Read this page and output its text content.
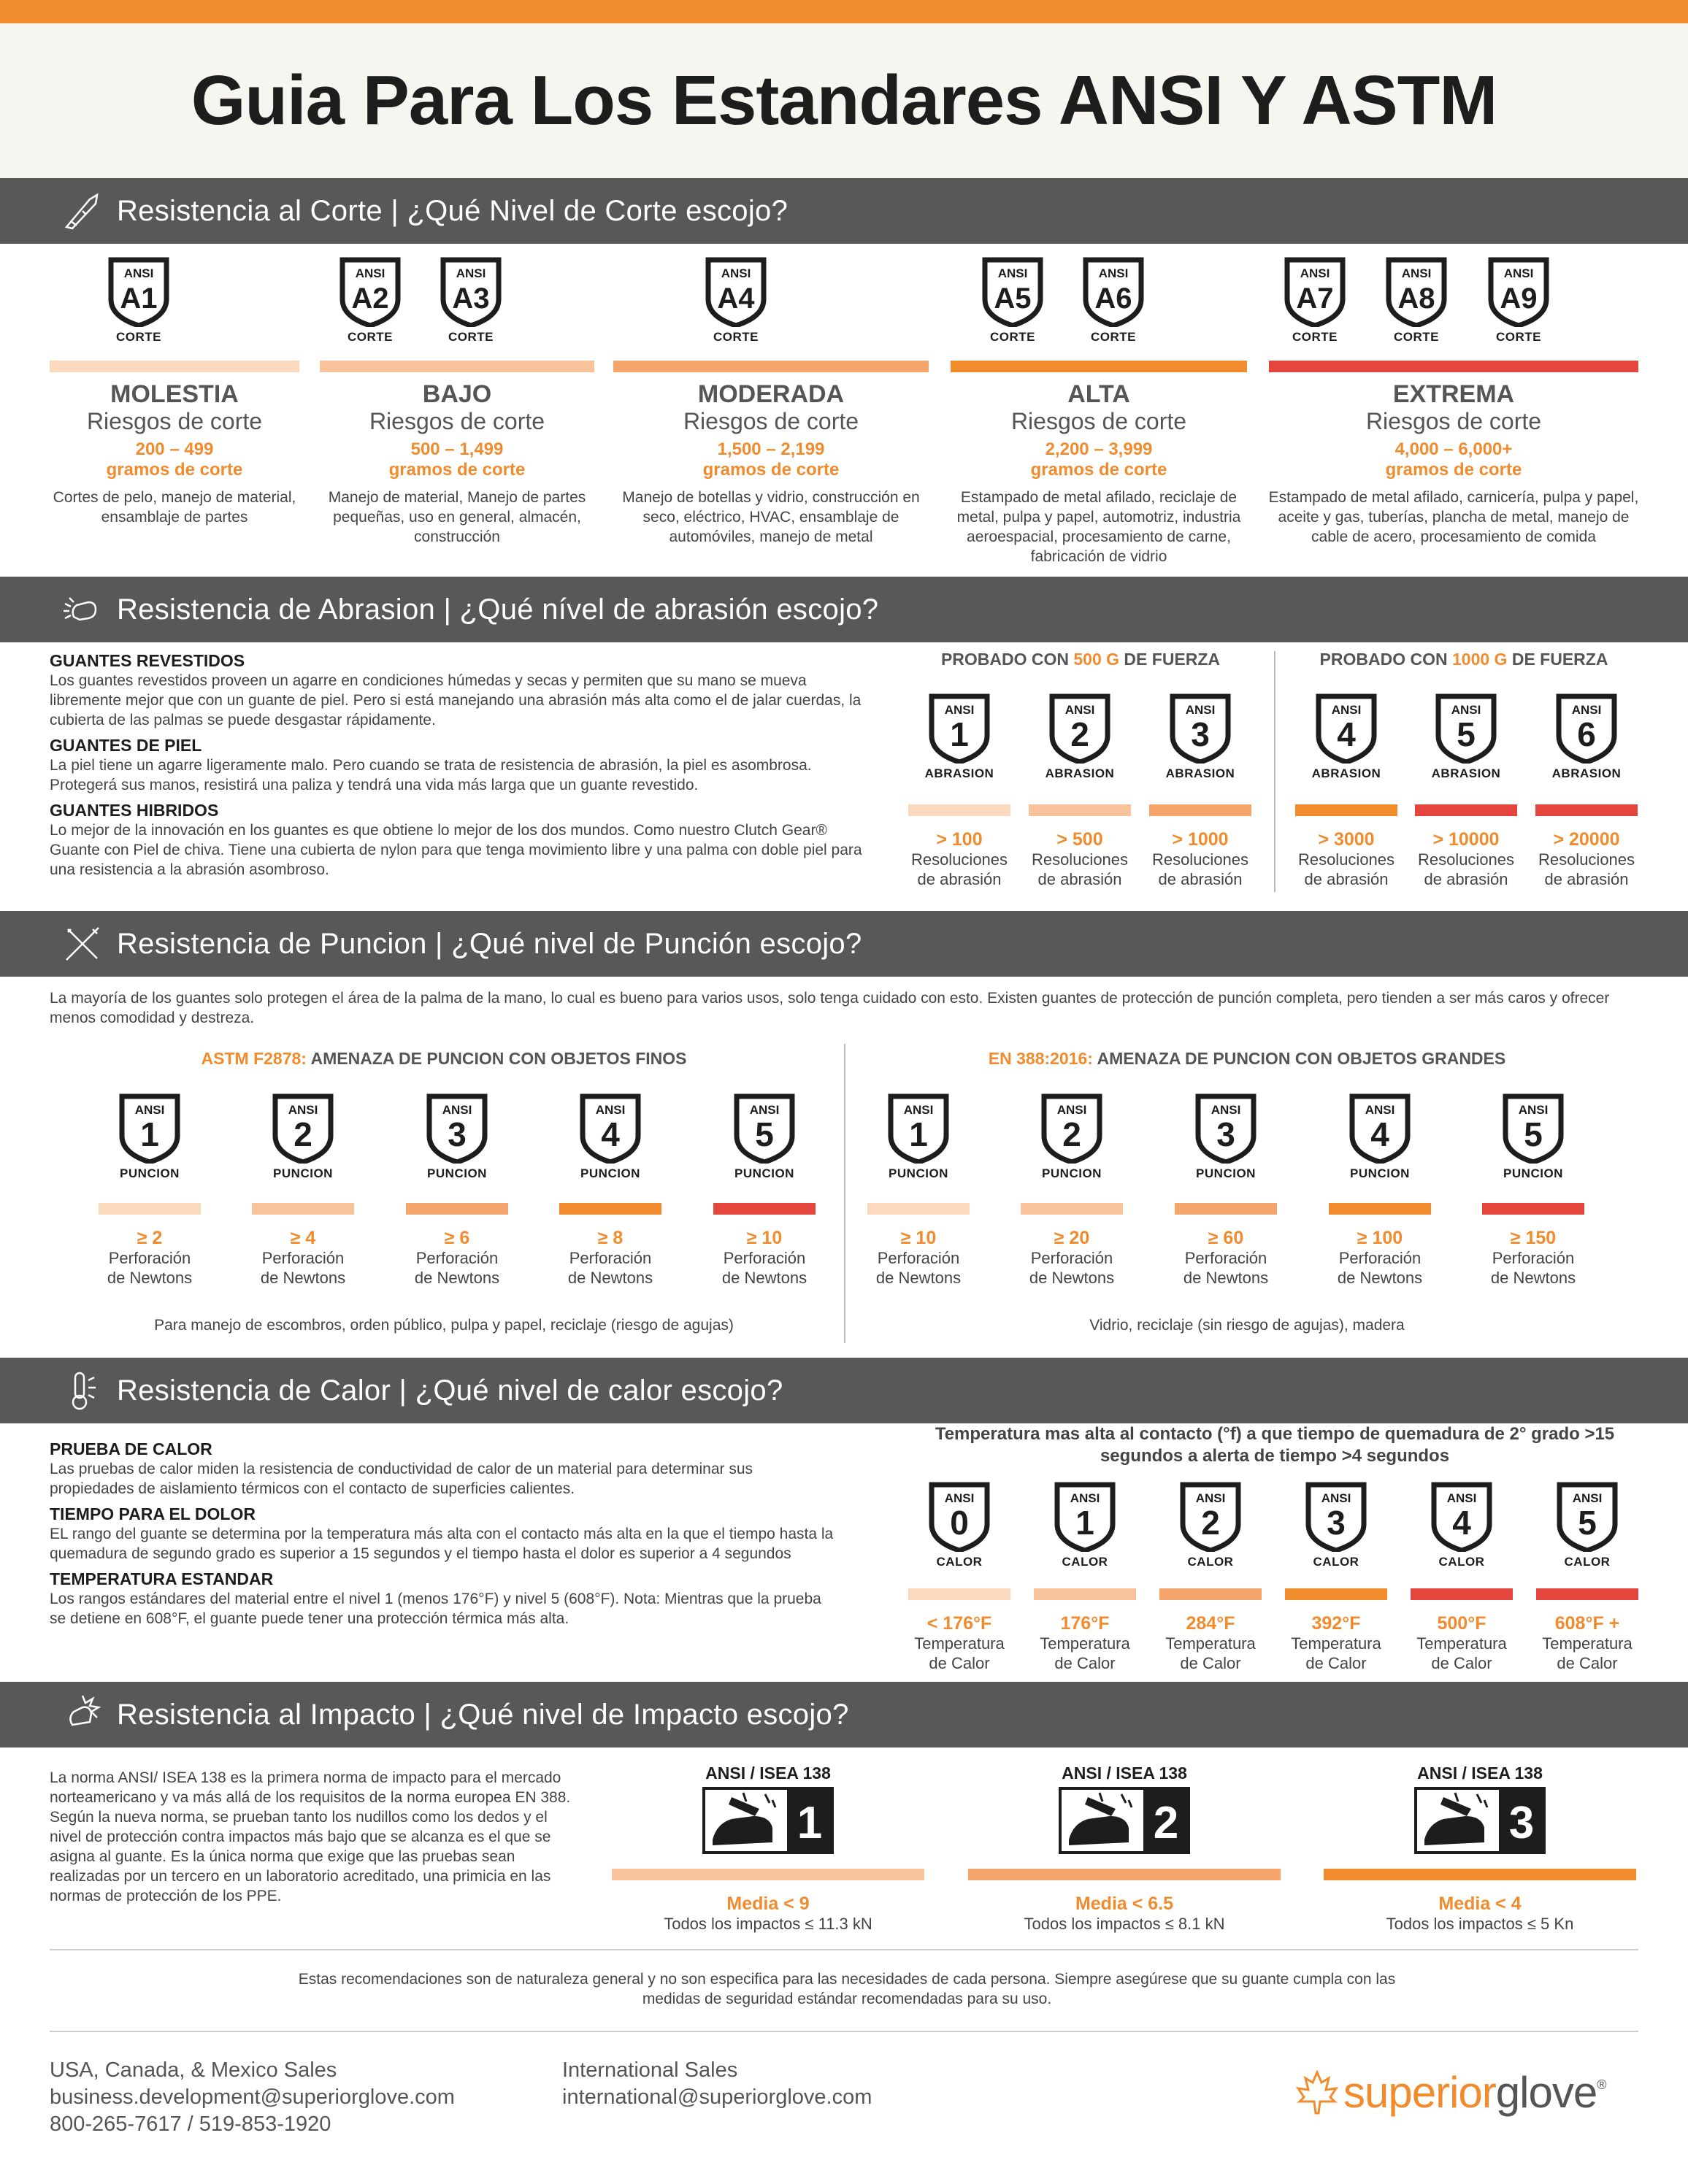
Guia Para Los Estandares ANSI Y ASTM
Resistencia al Corte | ¿Qué Nivel de Corte escojo?
ANSI
A1
CORTE
ANSI
A2
CORTE
ANSI
A3
CORTE
ANSI
A4
CORTE
ANSI
A5
CORTE
ANSI
A6
CORTE
ANSI
A7
CORTE
ANSI
A8
CORTE
ANSI
A9
CORTE
MOLESTIA
Riesgos de corte
200 – 499
gramos de corte
Cortes de pelo, manejo de material, ensamblaje de partes
BAJO
Riesgos de corte
500 – 1,499
gramos de corte
Manejo de material, Manejo de partes pequeñas, uso en general, almacén, construcción
MODERADA
Riesgos de corte
1,500 – 2,199
gramos de corte
Manejo de botellas y vidrio, construcción en seco, eléctrico, HVAC, ensamblaje de automóviles, manejo de metal
ALTA
Riesgos de corte
2,200 – 3,999
gramos de corte
Estampado de metal afilado, reciclaje de metal, pulpa y papel, automotriz, industria aeroespacial, procesamiento de carne, fabricación de vidrio
EXTREMA
Riesgos de corte
4,000 – 6,000+
gramos de corte
Estampado de metal afilado, carnicería, pulpa y papel, aceite y gas, tuberías, plancha de metal, manejo de cable de acero, procesamiento de comida
Resistencia de Abrasion | ¿Qué nível de abrasión escojo?
GUANTES REVESTIDOS
Los guantes revestidos proveen un agarre en condiciones húmedas y secas y permiten que su mano se mueva libremente mejor que con un guante de piel. Pero si está manejando una abrasión más alta como el de jalar cuerdas, la cubierta de las palmas se puede desgastar rápidamente.
GUANTES DE PIEL
La piel tiene un agarre ligeramente malo. Pero cuando se trata de resistencia de abrasión, la piel es asombrosa. Protegerá sus manos, resistirá una paliza y tendrá una vida más larga que un guante revestido.
GUANTES HIBRIDOS
Lo mejor de la innovación en los guantes es que obtiene lo mejor de los dos mundos. Como nuestro Clutch Gear® Guante con Piel de chiva. Tiene una cubierta de nylon para que tenga movimiento libre y una palma con doble piel para una resistencia a la abrasión asombroso.
PROBADO CON 500 G DE FUERZA	PROBADO CON 1000 G DE FUERZA
ANSI
1
ABRASION
> 100
Resoluciones
de abrasión
ANSI
2
ABRASION
> 500
Resoluciones
de abrasión
ANSI
3
ABRASION
> 1000
Resoluciones
de abrasión
ANSI
4
ABRASION
> 3000
Resoluciones
de abrasión
ANSI
5
ABRASION
> 10000
Resoluciones
de abrasión
ANSI
6
ABRASION
> 20000
Resoluciones
de abrasión
Resistencia de Puncion | ¿Qué nivel de Punción escojo?
La mayoría de los guantes solo protegen el área de la palma de la mano, lo cual es bueno para varios usos, solo tenga cuidado con esto. Existen guantes de protección de punción completa, pero tienden a ser más caros y ofrecer menos comodidad y destreza.
ASTM F2878: AMENAZA DE PUNCION CON OBJETOS FINOS	EN 388:2016: AMENAZA DE PUNCION CON OBJETOS GRANDES
ANSI
1
PUNCION
≥ 2
Perforación
de Newtons
ANSI
2
PUNCION
≥ 4
Perforación
de Newtons
ANSI
3
PUNCION
≥ 6
Perforación
de Newtons
ANSI
4
PUNCION
≥ 8
Perforación
de Newtons
ANSI
5
PUNCION
≥ 10
Perforación
de Newtons
ANSI
1
PUNCION
≥ 10
Perforación
de Newtons
ANSI
2
PUNCION
≥ 20
Perforación
de Newtons
ANSI
3
PUNCION
≥ 60
Perforación
de Newtons
ANSI
4
PUNCION
≥ 100
Perforación
de Newtons
ANSI
5
PUNCION
≥ 150
Perforación
de Newtons
Para manejo de escombros, orden público, pulpa y papel, reciclaje (riesgo de agujas)	Vidrio, reciclaje (sin riesgo de agujas), madera
Resistencia de Calor | ¿Qué nivel de calor escojo?
PRUEBA DE CALOR
Las pruebas de calor miden la resistencia de conductividad de calor de un material para determinar sus propiedades de aislamiento térmicos con el contacto de superficies calientes.
TIEMPO PARA EL DOLOR
EL rango del guante se determina por la temperatura más alta con el contacto más alta en la que el tiempo hasta la quemadura de segundo grado es superior a 15 segundos y el tiempo hasta el dolor es superior a 4 segundos
TEMPERATURA ESTANDAR
Los rangos estándares del material entre el nivel 1 (menos 176°F) y nivel 5 (608°F). Nota: Mientras que la prueba se detiene en 608°F, el guante puede tener una protección térmica más alta.
Temperatura mas alta al contacto (°f) a que tiempo de quemadura de 2° grado >15 segundos a alerta de tiempo >4 segundos
ANSI
0
CALOR
< 176°F
Temperatura
de Calor
ANSI
1
CALOR
176°F
Temperatura
de Calor
ANSI
2
CALOR
284°F
Temperatura
de Calor
ANSI
3
CALOR
392°F
Temperatura
de Calor
ANSI
4
CALOR
500°F
Temperatura
de Calor
ANSI
5
CALOR
608°F +
Temperatura
de Calor
Resistencia al Impacto | ¿Qué nivel de Impacto escojo?
La norma ANSI/ ISEA 138 es la primera norma de impacto para el mercado norteamericano y va más allá de los requisitos de la norma europea EN 388. Según la nueva norma, se prueban tanto los nudillos como los dedos y el nivel de protección contra impactos más bajo que se alcanza es el que se asigna al guante. Es la única norma que exige que las pruebas sean realizadas por un tercero en un laboratorio acreditado, una primicia en las normas de protección de los PPE.
ANSI / ISEA 138
1
Media < 9
Todos los impactos ≤ 11.3 kN
ANSI / ISEA 138
2
Media < 6.5
Todos los impactos ≤ 8.1 kN
ANSI / ISEA 138
3
Media < 4
Todos los impactos ≤ 5 Kn
Estas recomendaciones son de naturaleza general y no son especifica para las necesidades de cada persona. Siempre asegúrese que su guante cumpla con las medidas de seguridad estándar recomendadas para su uso.
USA, Canada, & Mexico Sales
business.development@superiorglove.com
800-265-7617 / 519-853-1920
International Sales
international@superiorglove.com	superior glove ®
